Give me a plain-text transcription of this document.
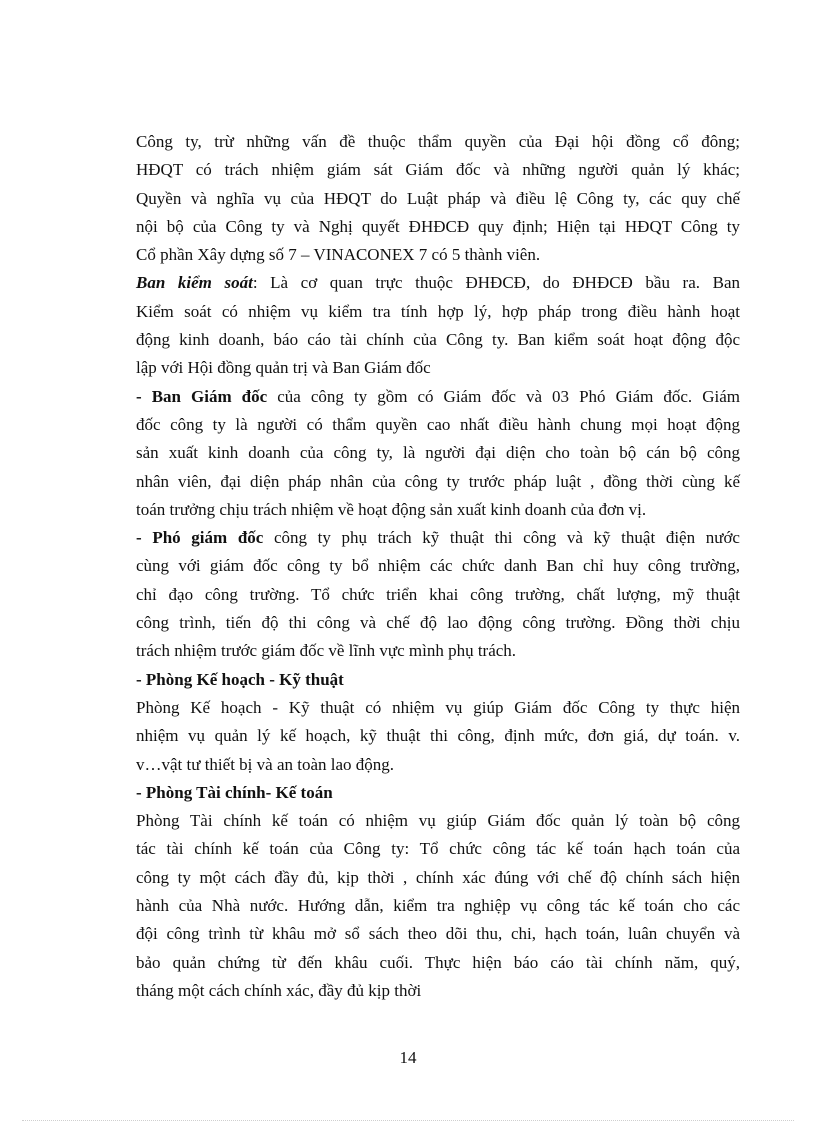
Công ty, trừ những vấn đề thuộc thẩm quyền của Đại hội đồng cổ đông;
HĐQT có trách nhiệm giám sát Giám đốc và những người quản lý khác;
Quyền và nghĩa vụ của HĐQT do Luật pháp và điều lệ Công ty, các quy chế
nội bộ của Công ty và Nghị quyết ĐHĐCĐ quy định; Hiện tại HĐQT Công ty
Cổ phần Xây dựng số 7 – VINACONEX 7 có 5 thành viên.
Ban kiểm soát: Là cơ quan trực thuộc ĐHĐCĐ, do ĐHĐCĐ bầu ra. Ban
Kiểm soát có nhiệm vụ kiểm tra tính hợp lý, hợp pháp trong điều hành hoạt
động kinh doanh, báo cáo tài chính của Công ty. Ban kiểm soát hoạt động độc
lập với Hội đồng quản trị và Ban Giám đốc
- Ban Giám đốc của công ty gồm có Giám đốc và 03 Phó Giám đốc. Giám
đốc công ty là người có thẩm quyền cao nhất điều hành chung mọi hoạt động
sản xuất kinh doanh của công ty, là người đại diện cho toàn bộ cán bộ công
nhân viên, đại diện pháp nhân của công ty trước pháp luật , đồng thời cùng kế
toán trưởng chịu trách nhiệm về hoạt động sản xuất kinh doanh của đơn vị.
- Phó giám đốc công ty phụ trách kỹ thuật thi công và kỹ thuật điện nước
cùng với giám đốc công ty bổ nhiệm các chức danh Ban chỉ huy công trường,
chỉ đạo công trường. Tổ chức triển khai công trường, chất lượng, mỹ thuật
công trình, tiến độ thi công và chế độ lao động công trường. Đồng thời chịu
trách nhiệm trước giám đốc về lĩnh vực mình phụ trách.
- Phòng Kế hoạch - Kỹ thuật
Phòng Kế hoạch - Kỹ thuật có nhiệm vụ giúp Giám đốc Công ty thực hiện
nhiệm vụ quản lý kế hoạch, kỹ thuật thi công, định mức, đơn giá, dự toán. v.
v…vật tư thiết bị và an toàn lao động.
- Phòng Tài chính- Kế toán
Phòng Tài chính kế toán có nhiệm vụ giúp Giám đốc quản lý toàn bộ công
tác tài chính kế toán của Công ty: Tổ chức công tác kế toán hạch toán của
công ty một cách đầy đủ, kịp thời , chính xác đúng với chế độ chính sách hiện
hành của Nhà nước. Hướng dẫn, kiểm tra nghiệp vụ công tác kế toán cho các
đội công trình từ khâu mở sổ sách theo dõi thu, chi, hạch toán, luân chuyển và
bảo quản chứng từ đến khâu cuối. Thực hiện báo cáo tài chính năm, quý,
tháng một cách chính xác, đầy đủ kịp thời
14
